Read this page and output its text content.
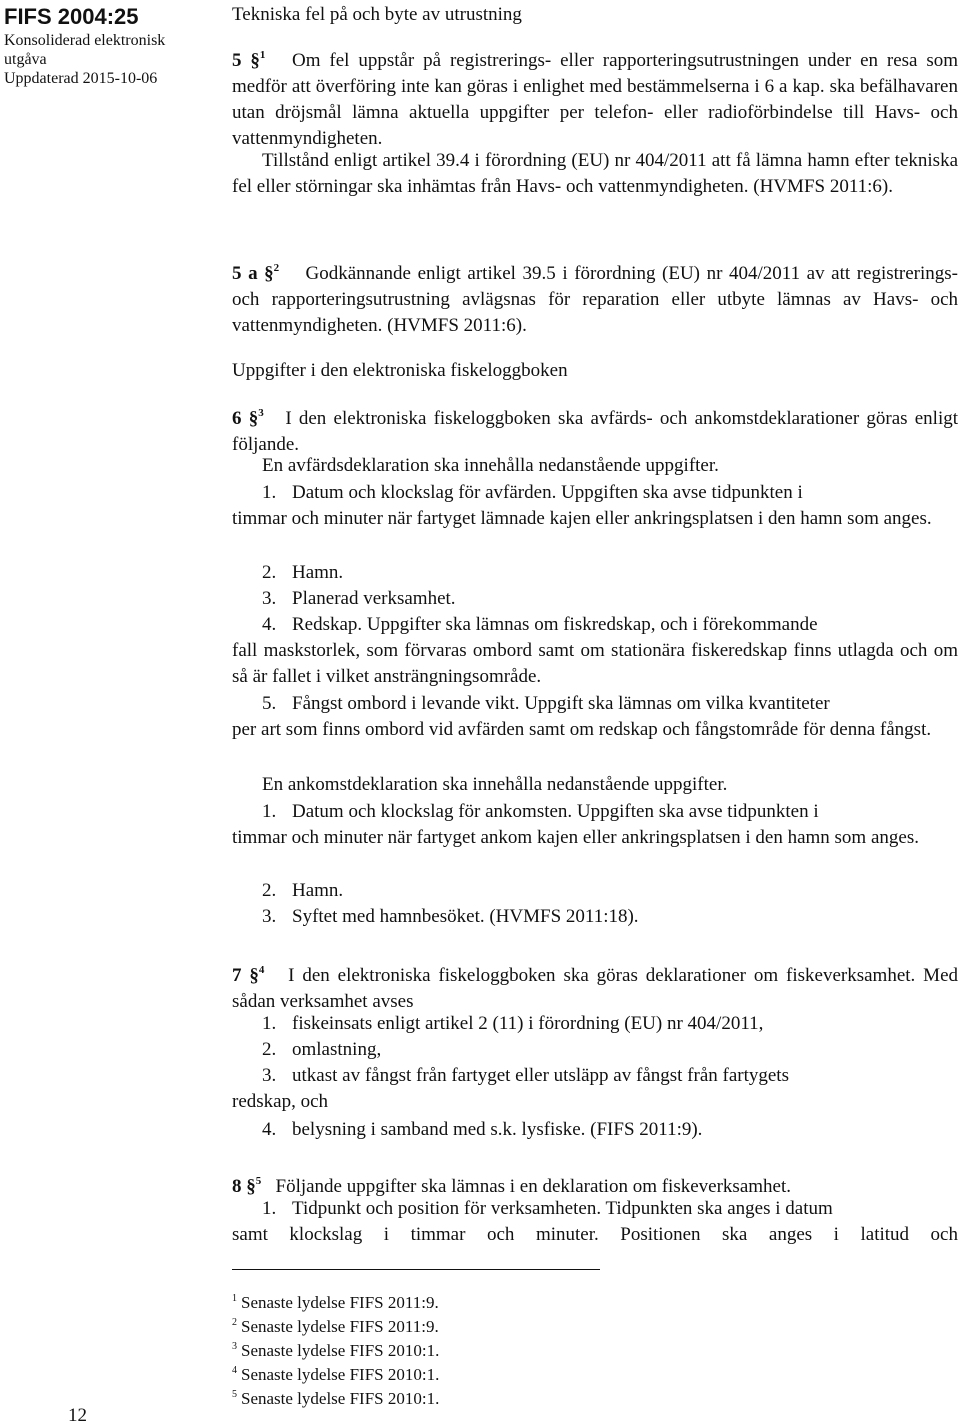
FIFS 2004:25
Konsoliderad elektronisk
utgåva
Uppdaterad 2015-10-06
12
Tekniska fel på och byte av utrustning
5 §$^1$ Om fel uppstår på registrerings- eller rapporteringsutrustningen under en resa som medför att överföring inte kan göras i enlighet med bestämmelserna i 6 a kap. ska befälhavaren utan dröjsmål lämna aktuella uppgifter per telefon- eller radioförbindelse till Havs- och vattenmyndigheten.
Tillstånd enligt artikel 39.4 i förordning (EU) nr 404/2011 att få lämna hamn efter tekniska fel eller störningar ska inhämtas från Havs- och vattenmyndigheten. (HVMFS 2011:6).
5 a §$^2$ Godkännande enligt artikel 39.5 i förordning (EU) nr 404/2011 av att registrerings- och rapporteringsutrustning avlägsnas för reparation eller utbyte lämnas av Havs- och vattenmyndigheten. (HVMFS 2011:6).
Uppgifter i den elektroniska fiskeloggboken
6 §$^3$ I den elektroniska fiskeloggboken ska avfärds- och ankomstdeklarationer göras enligt följande.
En avfärdsdeklaration ska innehålla nedanstående uppgifter.
1. Datum och klockslag för avfärden. Uppgiften ska avse tidpunkten i
timmar och minuter när fartyget lämnade kajen eller ankringsplatsen i den hamn som anges.
2. Hamn.
3. Planerad verksamhet.
4. Redskap. Uppgifter ska lämnas om fiskredskap, och i förekommande
fall maskstorlek, som förvaras ombord samt om stationära fiskeredskap finns utlagda och om så är fallet i vilket ansträngningsområde.
5. Fångst ombord i levande vikt. Uppgift ska lämnas om vilka kvantiteter
per art som finns ombord vid avfärden samt om redskap och fångstområde för denna fångst.
En ankomstdeklaration ska innehålla nedanstående uppgifter.
1. Datum och klockslag för ankomsten. Uppgiften ska avse tidpunkten i
timmar och minuter när fartyget ankom kajen eller ankringsplatsen i den hamn som anges.
2. Hamn.
3. Syftet med hamnbesöket. (HVMFS 2011:18).
7 §$^4$ I den elektroniska fiskeloggboken ska göras deklarationer om fiskeverksamhet. Med sådan verksamhet avses
1. fiskeinsats enligt artikel 2 (11) i förordning (EU) nr 404/2011,
2. omlastning,
3. utkast av fångst från fartyget eller utsläpp av fångst från fartygets
redskap, och
4. belysning i samband med s.k. lysfiske. (FIFS 2011:9).
8 §$^5$ Följande uppgifter ska lämnas i en deklaration om fiskeverksamhet.
1. Tidpunkt och position för verksamheten. Tidpunkten ska anges i datum
samt klockslag i timmar och minuter. Positionen ska anges i latitud och
$^1$ Senaste lydelse FIFS 2011:9.
$^2$ Senaste lydelse FIFS 2011:9.
$^3$ Senaste lydelse FIFS 2010:1.
$^4$ Senaste lydelse FIFS 2010:1.
$^5$ Senaste lydelse FIFS 2010:1.
